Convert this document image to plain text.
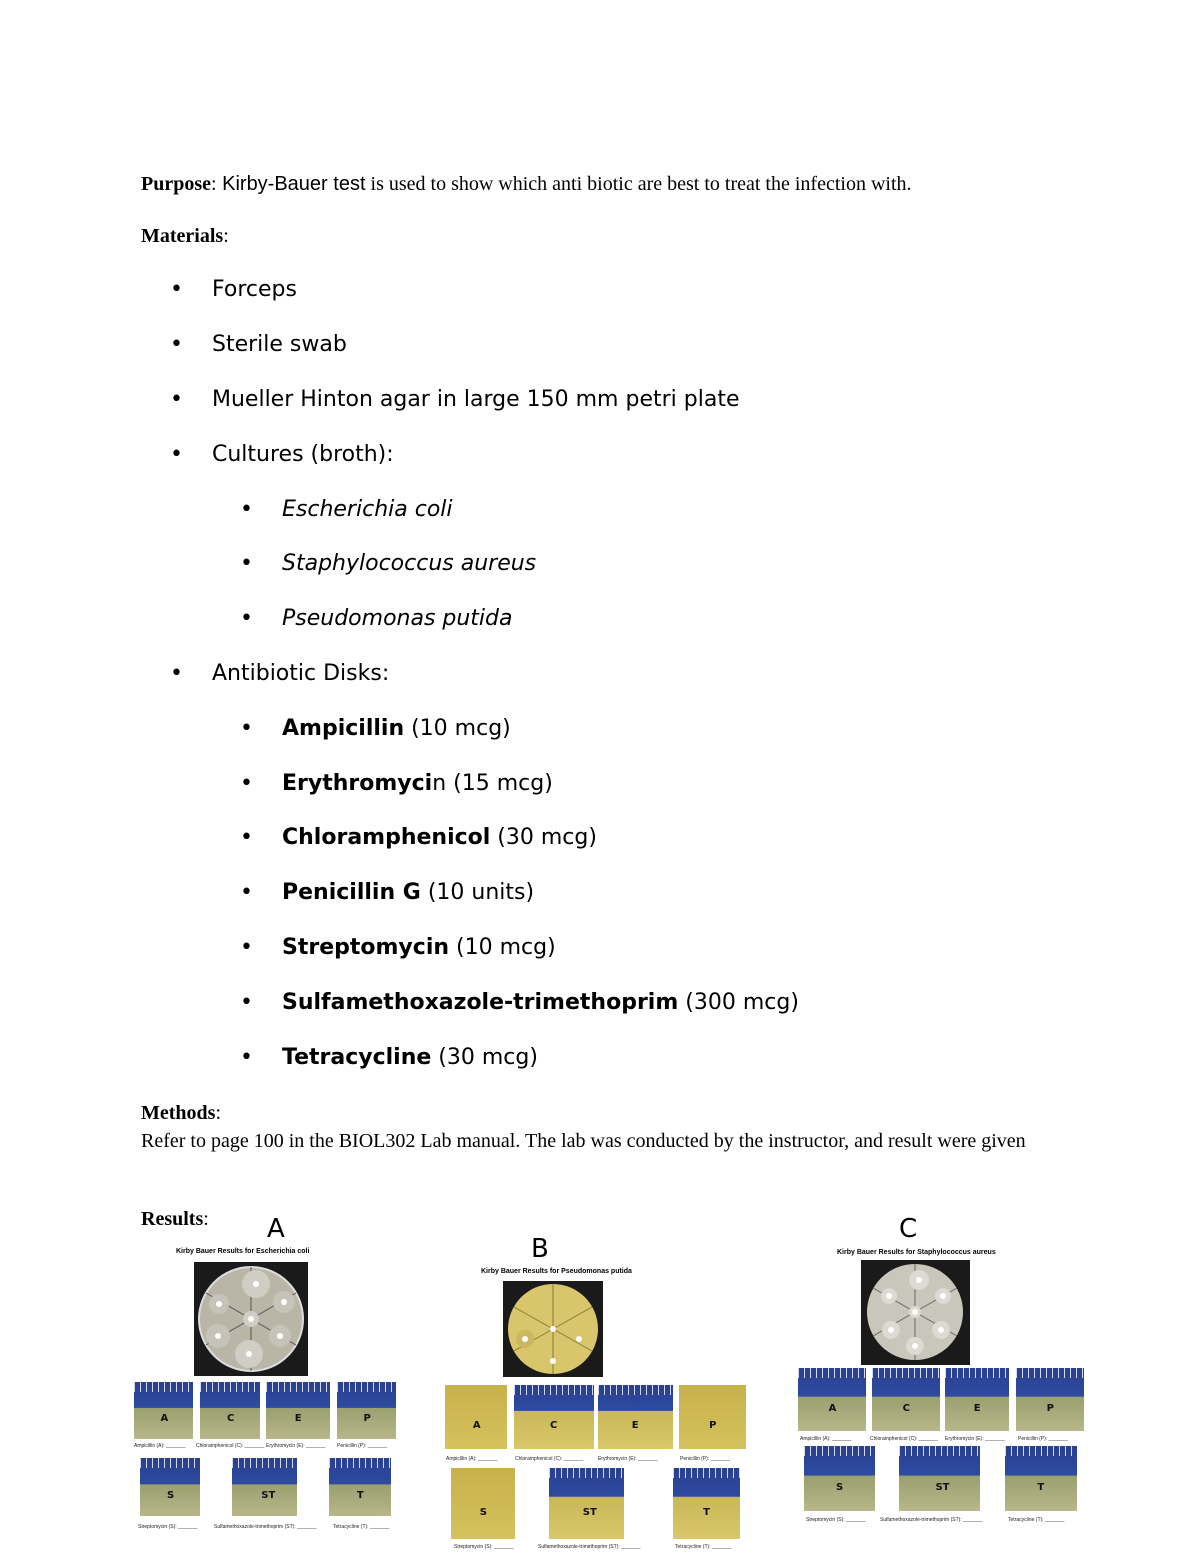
Purpose: Kirby-Bauer test is used to show which anti biotic are best to treat the infection with.
Materials:
• Forceps
• Sterile swab
• Mueller Hinton agar in large 150 mm petri plate
• Cultures (broth):
• Escherichia coli
• Staphylococcus aureus
• Pseudomonas putida
• Antibiotic Disks:
• Ampicillin (10 mcg)
• Erythromycin (15 mcg)
• Chloramphenicol (30 mcg)
• Penicillin G (10 units)
• Streptomycin (10 mcg)
• Sulfamethoxazole-trimethoprim (300 mcg)
• Tetracycline (30 mcg)
Methods:
Refer to page 100 in the BIOL302 Lab manual. The lab was conducted by the instructor, and result were given
Results: A
Kirby Bauer Results for Escherichia coli
A	C	E	P
Ampicillin (A): _______ Chloramphenicol (C): _______ Erythromycin (E): _______ Penicillin (P): _______
S	ST	T
Streptomycin (S): _______	Sulfamethoxazole-trimethoprim (ST): _______	Tetracycline (T): _______
B
Kirby Bauer Results for Pseudomonas putida
A	C	E	P
Ampicillin (A): _______	Chloramphenicol (C): _______	Erythromycin (E): _______	Penicillin (P): _______
S	ST	T
Streptomycin (S): _______	Sulfamethoxazole-trimethoprim (ST): _______	Tetracycline (T): _______
C
Kirby Bauer Results for Staphylococcus aureus
A	C	E	P
Ampicillin (A): _______	Chloramphenicol (C): _______ Erythromycin (E): _______	Penicillin (P): _______
S	ST	T
Streptomycin (S): _______	Sulfamethoxazole-trimethoprim (ST): _______	Tetracycline (T): _______
